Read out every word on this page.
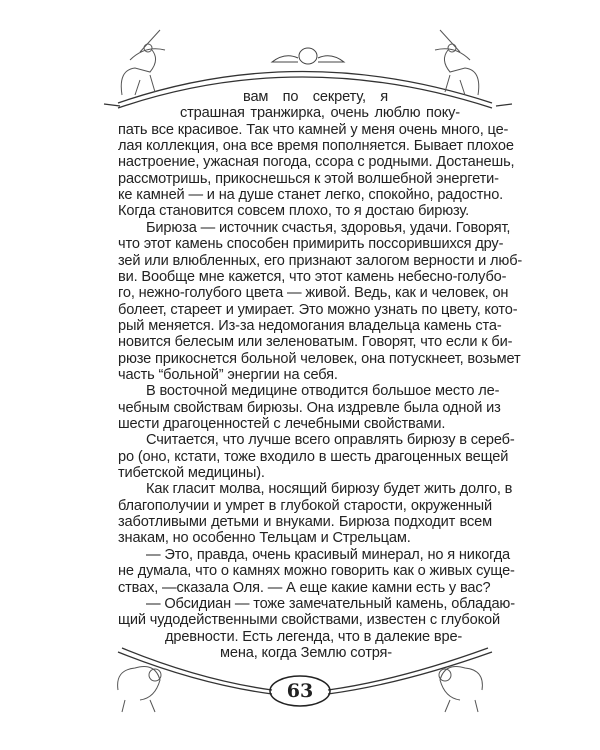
вам по секрету, я
страшная транжирка, очень люблю поку-
пать все красивое. Так что камней у меня очень много, це-
лая коллекция, она все время пополняется. Бывает плохое
настроение, ужасная погода, ссора с родными. Достанешь,
рассмотришь, прикоснешься к этой волшебной энергети-
ке камней — и на душе станет легко, спокойно, радостно.
Когда становится совсем плохо, то я достаю бирюзу.
Бирюза — источник счастья, здоровья, удачи. Говорят,
что этот камень способен примирить поссорившихся дру-
зей или влюбленных, его признают залогом верности и люб-
ви. Вообще мне кажется, что этот камень небесно-голубо-
го, нежно-голубого цвета — живой. Ведь, как и человек, он
болеет, стареет и умирает. Это можно узнать по цвету, кото-
рый меняется. Из-за недомогания владельца камень ста-
новится белесым или зеленоватым. Говорят, что если к би-
рюзе прикоснется больной человек, она потускнеет, возьмет
часть “больной” энергии на себя.
В восточной медицине отводится большое место ле-
чебным свойствам бирюзы. Она издревле была одной из
шести драгоценностей с лечебными свойствами.
Считается, что лучше всего оправлять бирюзу в сереб-
ро (оно, кстати, тоже входило в шесть драгоценных вещей
тибетской медицины).
Как гласит молва, носящий бирюзу будет жить долго, в
благополучии и умрет в глубокой старости, окруженный
заботливыми детьми и внуками. Бирюза подходит всем
знакам, но особенно Тельцам и Стрельцам.
— Это, правда, очень красивый минерал, но я никогда
не думала, что о камнях можно говорить как о живых суще-
ствах, —сказала Оля. — А еще какие камни есть у вас?
— Обсидиан — тоже замечательный камень, обладаю-
щий чудодейственными свойствами, известен с глубокой
древности. Есть легенда, что в далекие вре-
мена, когда Землю сотря-
63
